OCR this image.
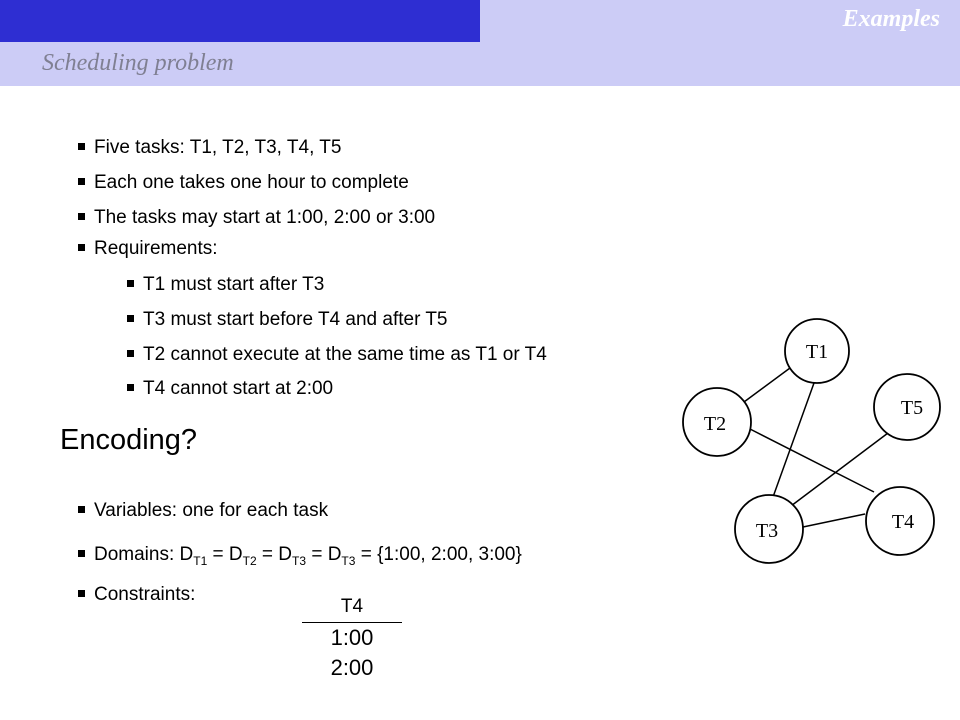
Examples
Scheduling problem
Five tasks: T1, T2, T3, T4, T5
Each one takes one hour to complete
The tasks may start at 1:00, 2:00 or 3:00
Requirements:
T1 must start after T3
T3 must start before T4 and after T5
T2 cannot execute at the same time as T1 or T4
T4 cannot start at 2:00
Encoding?
Variables: one for each task
Domains: $D_{T1} = D_{T2} = D_{T3} = D_{T3}$ = {1:00, 2:00, 3:00}
Constraints:
T4
1:00
2:00
T1
T2
T3	T4
T5
